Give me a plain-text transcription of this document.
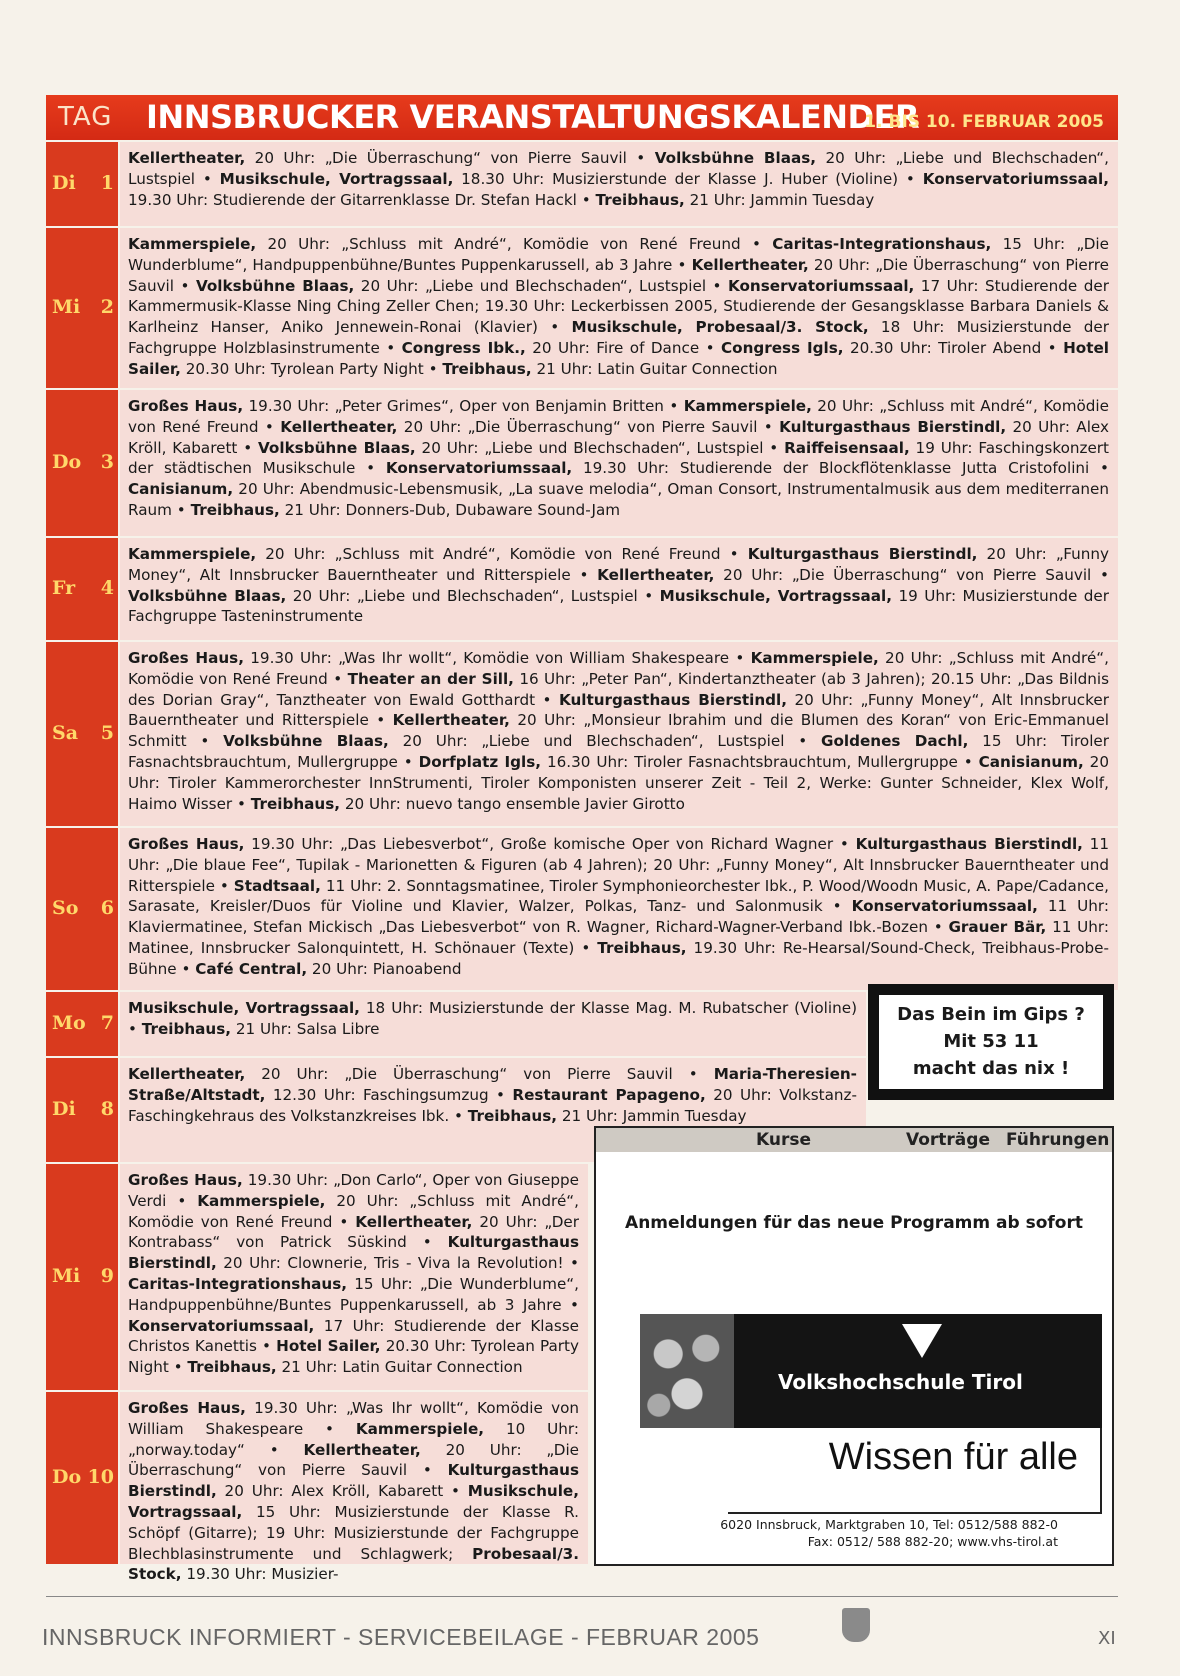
TAG INNSBRUCKER VERANSTALTUNGSKALENDER
1. BIS 10. FEBRUAR 2005
Di 1
Kellertheater, 20 Uhr: „Die Überraschung“ von Pierre Sauvil • Volksbühne Blaas, 20 Uhr: „Liebe und Blechschaden“, Lustspiel • Musikschule, Vortragssaal, 18.30 Uhr: Musizierstunde der Klasse J. Huber (Violine) • Konservatoriumssaal, 19.30 Uhr: Studierende der Gitarrenklasse Dr. Stefan Hackl • Treibhaus, 21 Uhr: Jammin Tuesday
Mi 2
Kammerspiele, 20 Uhr: „Schluss mit André“, Komödie von René Freund • Caritas-Integrationshaus, 15 Uhr: „Die Wunderblume“, Handpuppenbühne/Buntes Puppenkarussell, ab 3 Jahre • Kellertheater, 20 Uhr: „Die Überraschung“ von Pierre Sauvil • Volksbühne Blaas, 20 Uhr: „Liebe und Blechschaden“, Lustspiel • Konservatoriumssaal, 17 Uhr: Studierende der Kammermusik-Klasse Ning Ching Zeller Chen; 19.30 Uhr: Leckerbissen 2005, Studierende der Gesangsklasse Barbara Daniels & Karlheinz Hanser, Aniko Jennewein-Ronai (Klavier) • Musikschule, Probesaal/3. Stock, 18 Uhr: Musizierstunde der Fachgruppe Holzblasinstrumente • Congress Ibk., 20 Uhr: Fire of Dance • Congress Igls, 20.30 Uhr: Tiroler Abend • Hotel Sailer, 20.30 Uhr: Tyrolean Party Night • Treibhaus, 21 Uhr: Latin Guitar Connection
Do 3
Großes Haus, 19.30 Uhr: „Peter Grimes“, Oper von Benjamin Britten • Kammerspiele, 20 Uhr: „Schluss mit André“, Komödie von René Freund • Kellertheater, 20 Uhr: „Die Überraschung“ von Pierre Sauvil • Kulturgasthaus Bierstindl, 20 Uhr: Alex Kröll, Kabarett • Volksbühne Blaas, 20 Uhr: „Liebe und Blechschaden“, Lustspiel • Raiffeisensaal, 19 Uhr: Faschingskonzert der städtischen Musikschule • Konservatoriumssaal, 19.30 Uhr: Studierende der Blockflötenklasse Jutta Cristofolini • Canisianum, 20 Uhr: Abendmusic-Lebensmusik, „La suave melodia“, Oman Consort, Instrumentalmusik aus dem mediterranen Raum • Treibhaus, 21 Uhr: Donners-Dub, Dubaware Sound-Jam
Fr 4
Kammerspiele, 20 Uhr: „Schluss mit André“, Komödie von René Freund • Kulturgasthaus Bierstindl, 20 Uhr: „Funny Money“, Alt Innsbrucker Bauerntheater und Ritterspiele • Kellertheater, 20 Uhr: „Die Überraschung“ von Pierre Sauvil • Volksbühne Blaas, 20 Uhr: „Liebe und Blechschaden“, Lustspiel • Musikschule, Vortragssaal, 19 Uhr: Musizierstunde der Fachgruppe Tasteninstrumente
Sa 5
Großes Haus, 19.30 Uhr: „Was Ihr wollt“, Komödie von William Shakespeare • Kammerspiele, 20 Uhr: „Schluss mit André“, Komödie von René Freund • Theater an der Sill, 16 Uhr: „Peter Pan“, Kindertanztheater (ab 3 Jahren); 20.15 Uhr: „Das Bildnis des Dorian Gray“, Tanztheater von Ewald Gotthardt • Kulturgasthaus Bierstindl, 20 Uhr: „Funny Money“, Alt Innsbrucker Bauerntheater und Ritterspiele • Kellertheater, 20 Uhr: „Monsieur Ibrahim und die Blumen des Koran“ von Eric-Emmanuel Schmitt • Volksbühne Blaas, 20 Uhr: „Liebe und Blechschaden“, Lustspiel • Goldenes Dachl, 15 Uhr: Tiroler Fasnachtsbrauchtum, Mullergruppe • Dorfplatz Igls, 16.30 Uhr: Tiroler Fasnachtsbrauchtum, Mullergruppe • Canisianum, 20 Uhr: Tiroler Kammerorchester InnStrumenti, Tiroler Komponisten unserer Zeit - Teil 2, Werke: Gunter Schneider, Klex Wolf, Haimo Wisser • Treibhaus, 20 Uhr: nuevo tango ensemble Javier Girotto
So 6
Großes Haus, 19.30 Uhr: „Das Liebesverbot“, Große komische Oper von Richard Wagner • Kulturgasthaus Bierstindl, 11 Uhr: „Die blaue Fee“, Tupilak - Marionetten & Figuren (ab 4 Jahren); 20 Uhr: „Funny Money“, Alt Innsbrucker Bauerntheater und Ritterspiele • Stadtsaal, 11 Uhr: 2. Sonntagsmatinee, Tiroler Symphonieorchester Ibk., P. Wood/Woodn Music, A. Pape/Cadance, Sarasate, Kreisler/Duos für Violine und Klavier, Walzer, Polkas, Tanz- und Salonmusik • Konservatoriumssaal, 11 Uhr: Klaviermatinee, Stefan Mickisch „Das Liebesverbot“ von R. Wagner, Richard-Wagner-Verband Ibk.-Bozen • Grauer Bär, 11 Uhr: Matinee, Innsbrucker Salonquintett, H. Schönauer (Texte) • Treibhaus, 19.30 Uhr: Re-Hearsal/Sound-Check, Treibhaus-Probe-Bühne • Café Central, 20 Uhr: Pianoabend
Mo 7
Musikschule, Vortragssaal, 18 Uhr: Musizierstunde der Klasse Mag. M. Rubatscher (Violine) • Treibhaus, 21 Uhr: Salsa Libre
Di 8
Kellertheater, 20 Uhr: „Die Überraschung“ von Pierre Sauvil • Maria-Theresien-Straße/Altstadt, 12.30 Uhr: Faschingsumzug • Restaurant Papageno, 20 Uhr: Volkstanz-Faschingkehraus des Volkstanzkreises Ibk. • Treibhaus, 21 Uhr: Jammin Tuesday
Mi 9
Großes Haus, 19.30 Uhr: „Don Carlo“, Oper von Giuseppe Verdi • Kammerspiele, 20 Uhr: „Schluss mit André“, Komödie von René Freund • Kellertheater, 20 Uhr: „Der Kontrabass“ von Patrick Süskind • Kulturgasthaus Bierstindl, 20 Uhr: Clownerie, Tris - Viva la Revolution! • Caritas-Integrationshaus, 15 Uhr: „Die Wunderblume“, Handpuppenbühne/Buntes Puppenkarussell, ab 3 Jahre • Konservatoriumssaal, 17 Uhr: Studierende der Klasse Christos Kanettis • Hotel Sailer, 20.30 Uhr: Tyrolean Party Night • Treibhaus, 21 Uhr: Latin Guitar Connection
Do 10
Großes Haus, 19.30 Uhr: „Was Ihr wollt“, Komödie von William Shakespeare • Kammerspiele, 10 Uhr: „norway.today“ • Kellertheater, 20 Uhr: „Die Überraschung“ von Pierre Sauvil • Kulturgasthaus Bierstindl, 20 Uhr: Alex Kröll, Kabarett • Musikschule, Vortragssaal, 15 Uhr: Musizierstunde der Klasse R. Schöpf (Gitarre); 19 Uhr: Musizierstunde der Fachgruppe Blechblasinstrumente und Schlagwerk; Probesaal/3. Stock, 19.30 Uhr: Musizier-
Das Bein im Gips ?
Mit 53 11
macht das nix !
Kurse	Vorträge Führungen
Anmeldungen für das neue Programm ab sofort
Volkshochschule Tirol
Wissen für alle
6020 Innsbruck, Marktgraben 10, Tel: 0512/588 882-0
Fax: 0512/ 588 882-20; www.vhs-tirol.at
INNSBRUCK INFORMIERT - SERVICEBEILAGE - FEBRUAR 2005	XI
